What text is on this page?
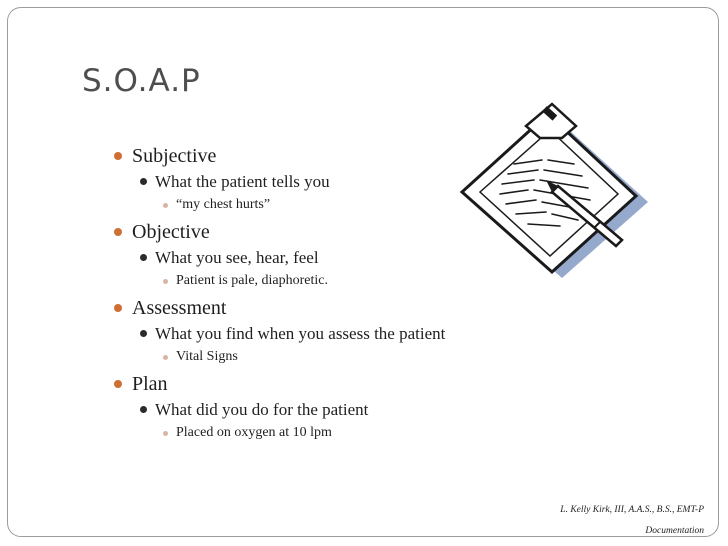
S.O.A.P
Subjective
What the patient tells you
“my chest hurts”
Objective
What you see, hear, feel
Patient is pale, diaphoretic.
Assessment
What you find when you assess the patient
Vital Signs
Plan
What did you do for the patient
Placed on oxygen at 10 lpm
L. Kelly Kirk, III, A.A.S., B.S., EMT-P
Documentation
